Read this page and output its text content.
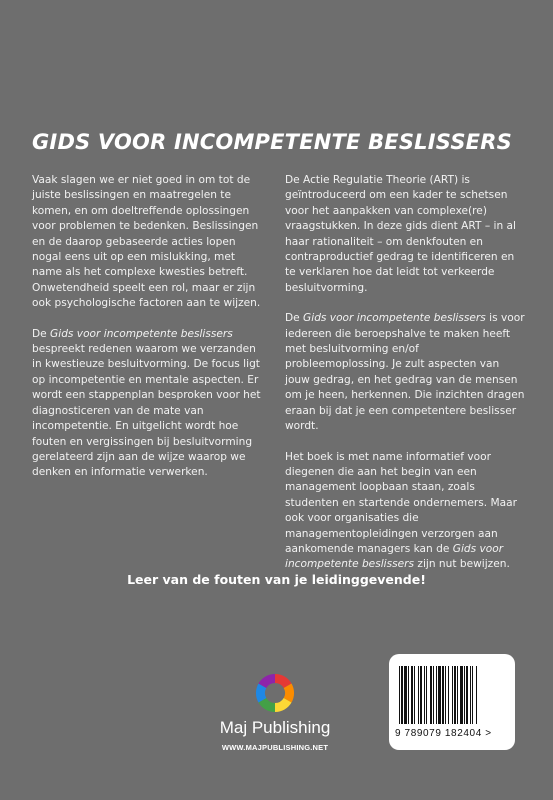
GIDS VOOR INCOMPETENTE BESLISSERS

Vaak slagen we er niet goed in om tot de juiste beslissingen en maatregelen te komen, en om doeltreffende oplossingen voor problemen te bedenken. Beslissingen en de daarop gebaseerde acties lopen nogal eens uit op een mislukking, met name als het complexe kwesties betreft. Onwetendheid speelt een rol, maar er zijn ook psychologische factoren aan te wijzen.

De Gids voor incompetente beslissers bespreekt redenen waarom we verzanden in kwestieuze besluitvorming. De focus ligt op incompetentie en mentale aspecten. Er wordt een stappenplan besproken voor het diagnosticeren van de mate van incompetentie. En uitgelicht wordt hoe fouten en vergissingen bij besluitvorming gerelateerd zijn aan de wijze waarop we denken en informatie verwerken.

De Actie Regulatie Theorie (ART) is geïntroduceerd om een kader te schetsen voor het aanpakken van complexe(re) vraagstukken. In deze gids dient ART – in al haar rationaliteit – om denkfouten en contraproductief gedrag te identificeren en te verklaren hoe dat leidt tot verkeerde besluitvorming.

De Gids voor incompetente beslissers is voor iedereen die beroepshalve te maken heeft met besluitvorming en/of probleemoplossing. Je zult aspecten van jouw gedrag, en het gedrag van de mensen om je heen, herkennen. Die inzichten dragen eraan bij dat je een competentere beslisser wordt.

Het boek is met name informatief voor diegenen die aan het begin van een management loopbaan staan, zoals studenten en startende ondernemers. Maar ook voor organisaties die managementopleidingen verzorgen aan aankomende managers kan de Gids voor incompetente beslissers zijn nut bewijzen.

Leer van de fouten van je leidinggevende!

Maj Publishing
WWW.MAJPUBLISHING.NET
9 789079 182404 >
